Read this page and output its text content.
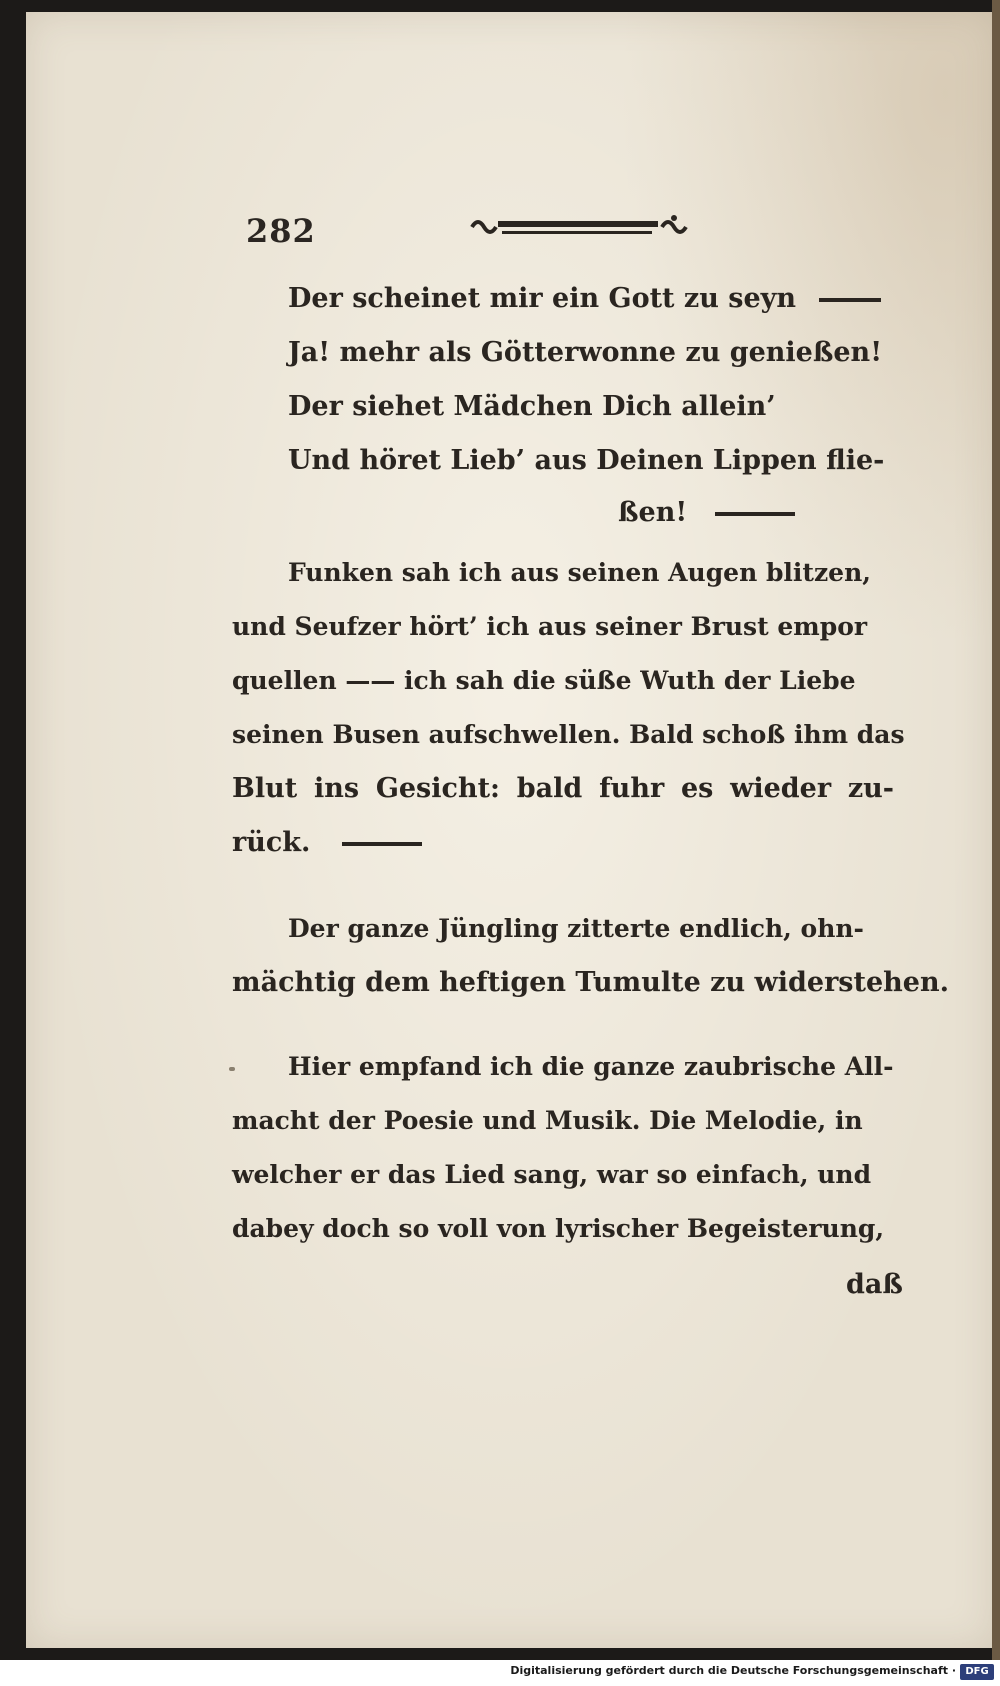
282
Der scheinet mir ein Gott zu seyn
Ja! mehr als Götterwonne zu genießen!
Der siehet Mädchen Dich allein’
Und höret Lieb’ aus Deinen Lippen flie-
ßen!
Funken sah ich aus seinen Augen blitzen,
und Seufzer hört’ ich aus seiner Brust empor
quellen —— ich sah die süße Wuth der Liebe
seinen Busen aufschwellen. Bald schoß ihm das
Blut ins Gesicht: bald fuhr es wieder zu-
rück.
Der ganze Jüngling zitterte endlich, ohn-
mächtig dem heftigen Tumulte zu widerstehen.
Hier empfand ich die ganze zaubrische All-
macht der Poesie und Musik. Die Melodie, in
welcher er das Lied sang, war so einfach, und
dabey doch so voll von lyrischer Begeisterung,
daß
Digitalisierung gefördert durch die Deutsche Forschungsgemeinschaft · DFG
